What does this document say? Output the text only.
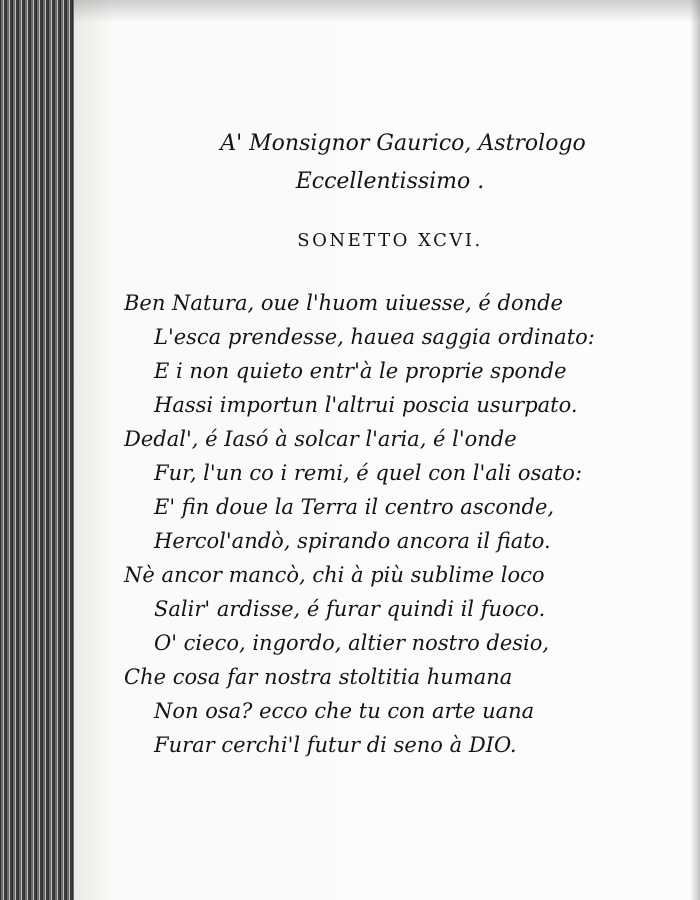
A' Monsignor Gaurico, Astrologo
Eccellentissimo .
SONETTO XCVI.
Ben Natura, oue l'huom uiuesse, é donde
L'esca prendesse, hauea saggia ordinato:
E i non quieto entr'à le proprie sponde
Hassi importun l'altrui poscia usurpato.
Dedal', é Iasó à solcar l'aria, é l'onde
Fur, l'un co i remi, é quel con l'ali osato:
E' fin doue la Terra il centro asconde,
Hercol'andò, spirando ancora il fiato.
Nè ancor mancò, chi à più sublime loco
Salir' ardisse, é furar quindi il fuoco.
O' cieco, ingordo, altier nostro desio,
Che cosa far nostra stoltitia humana
Non osa? ecco che tu con arte uana
Furar cerchi'l futur di seno à DIO.
